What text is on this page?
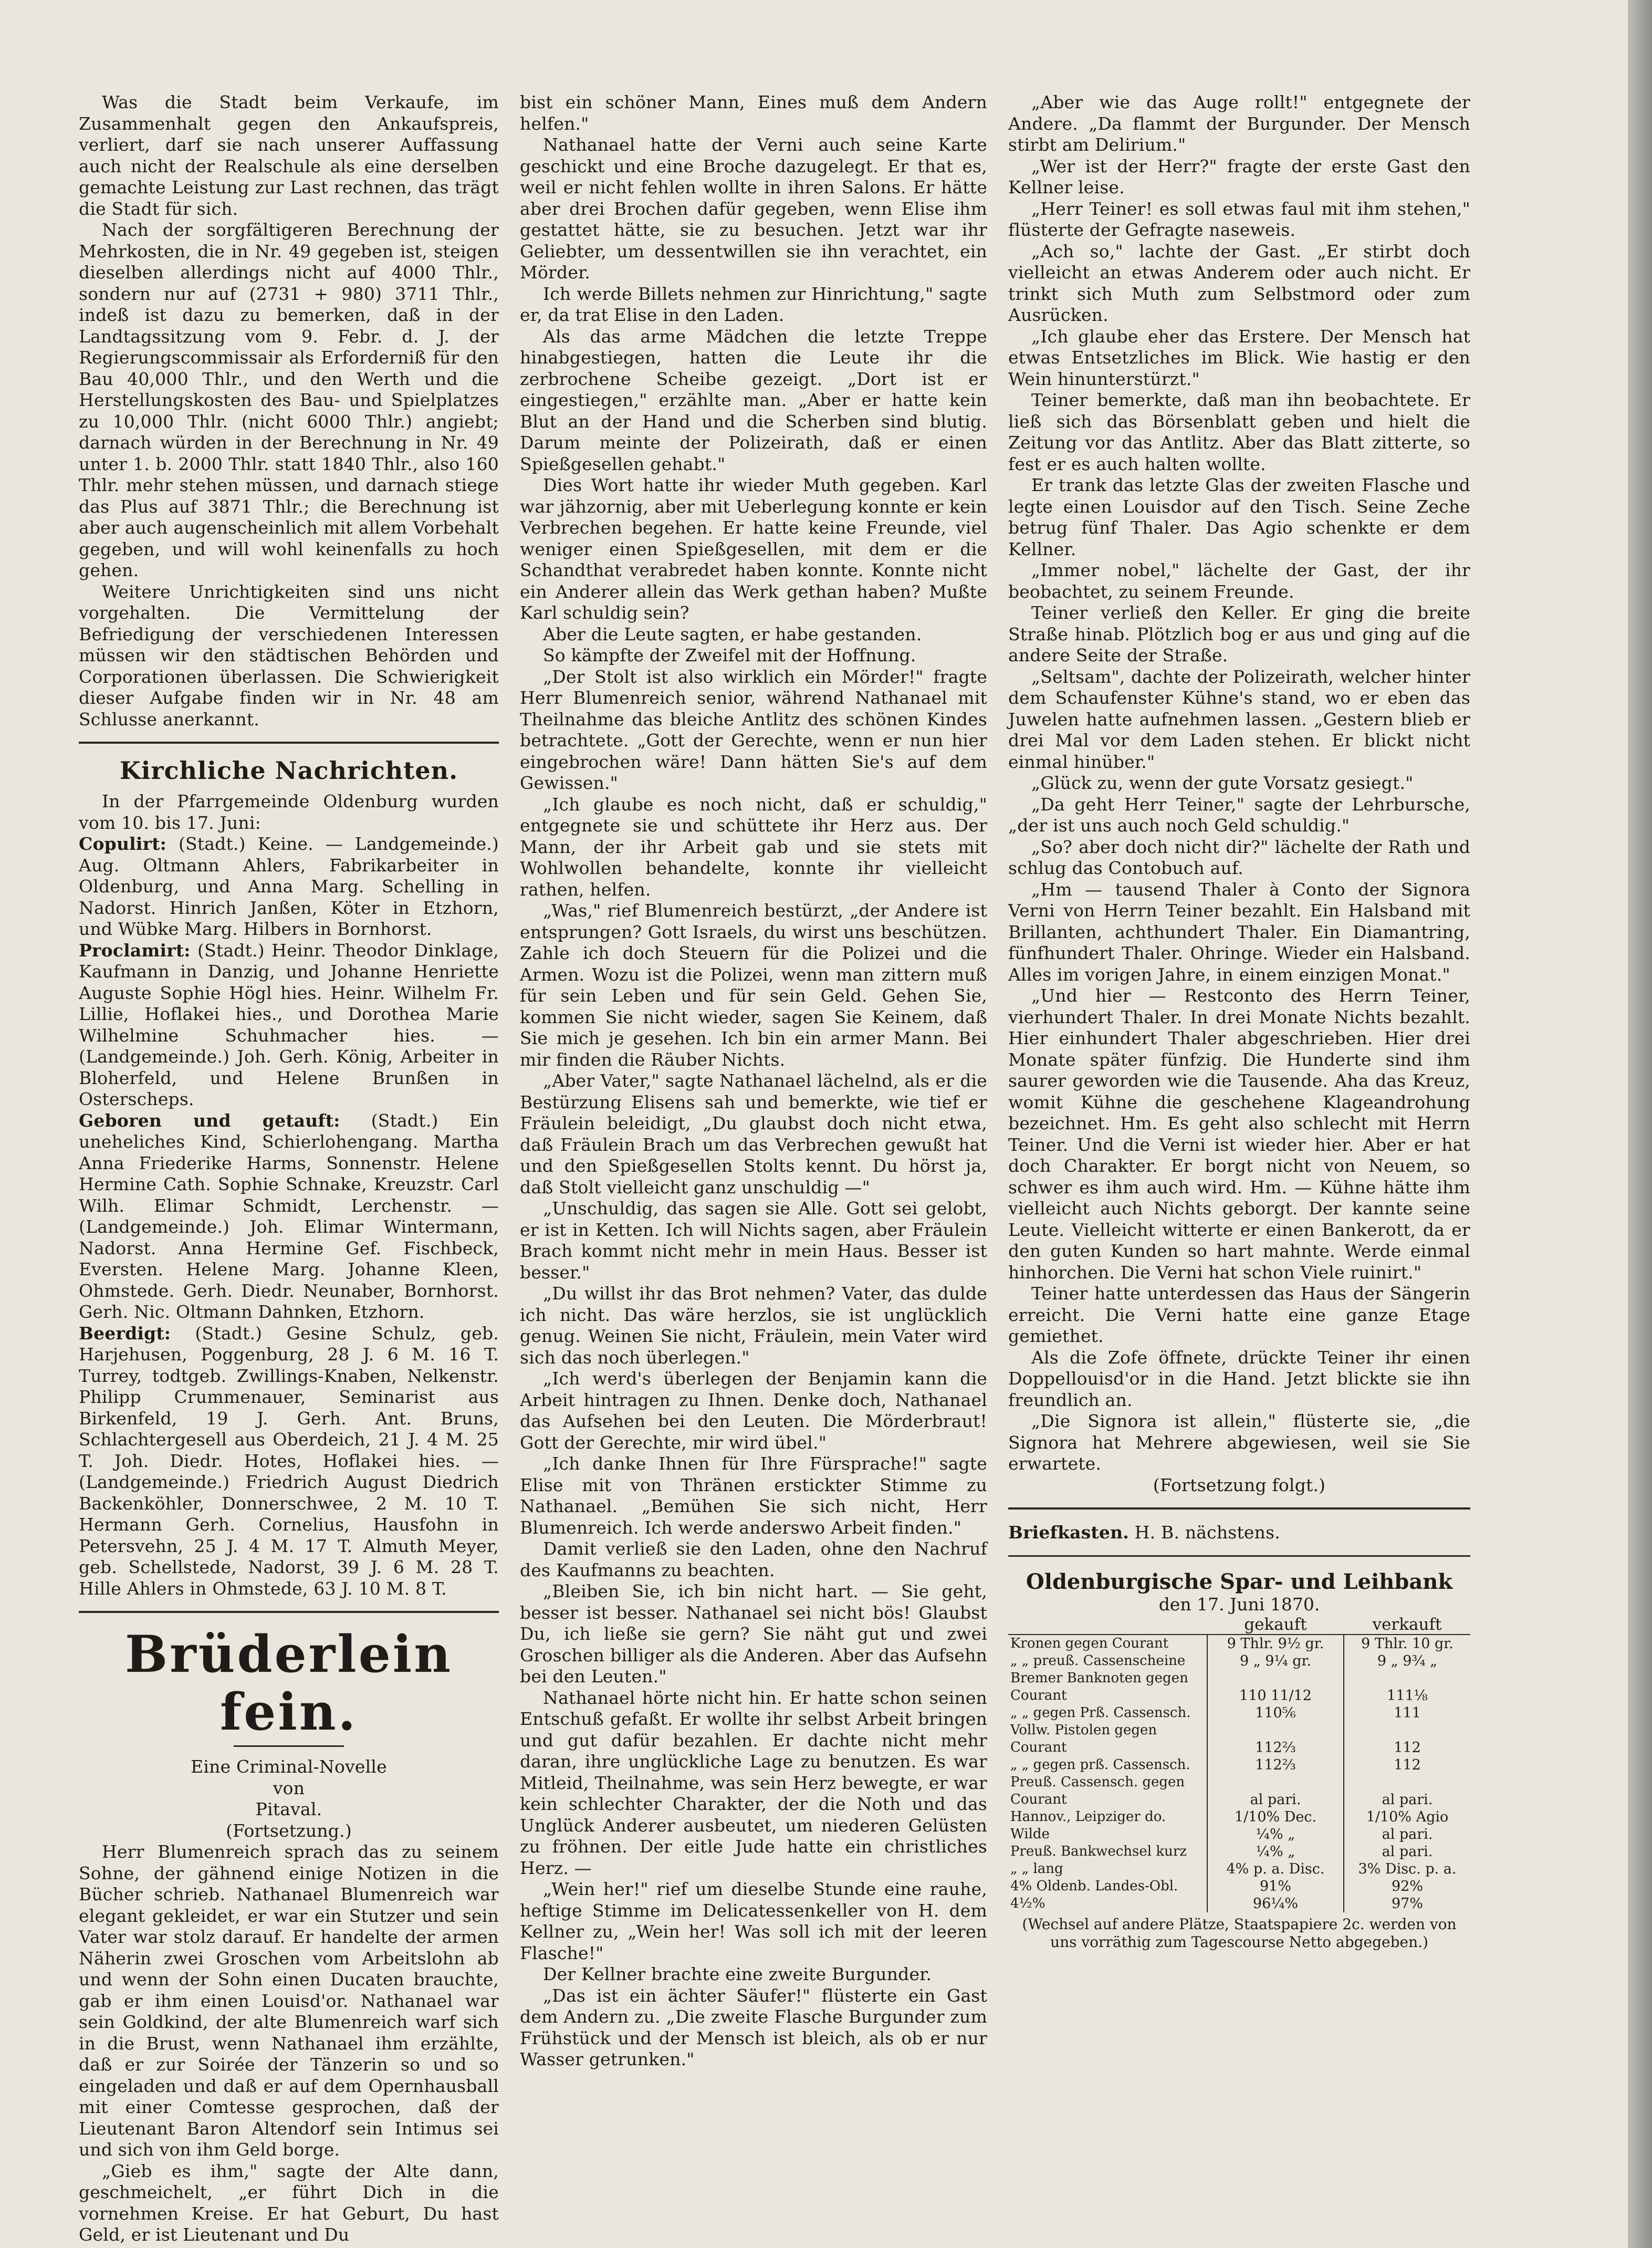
Was die Stadt beim Verkaufe, im Zusammenhalt gegen den Ankaufspreis, verliert, darf sie nach unserer Auffassung auch nicht der Realschule als eine derselben gemachte Leistung zur Last rechnen, das trägt die Stadt für sich.

Nach der sorgfältigeren Berechnung der Mehrkosten, die in Nr. 49 gegeben ist, steigen dieselben allerdings nicht auf 4000 Thlr., sondern nur auf (2731 + 980) 3711 Thlr., indeß ist dazu zu bemerken, daß in der Landtagssitzung vom 9. Febr. d. J. der Regierungscommissair als Erforderniß für den Bau 40,000 Thlr., und den Werth und die Herstellungskosten des Bau- und Spielplatzes zu 10,000 Thlr. (nicht 6000 Thlr.) angiebt; darnach würden in der Berechnung in Nr. 49 unter 1. b. 2000 Thlr. statt 1840 Thlr., also 160 Thlr. mehr stehen müssen, und darnach stiege das Plus auf 3871 Thlr.; die Berechnung ist aber auch augenscheinlich mit allem Vorbehalt gegeben, und will wohl keinenfalls zu hoch gehen.

Weitere Unrichtigkeiten sind uns nicht vorgehalten. Die Vermittelung der Befriedigung der verschiedenen Interessen müssen wir den städtischen Behörden und Corporationen überlassen. Die Schwierigkeit dieser Aufgabe finden wir in Nr. 48 am Schlusse anerkannt.

Kirchliche Nachrichten.

In der Pfarrgemeinde Oldenburg wurden vom 10. bis 17. Juni:

Copulirt: (Stadt.) Keine. — Landgemeinde.) Aug. Oltmann Ahlers, Fabrikarbeiter in Oldenburg, und Anna Marg. Schelling in Nadorst. Hinrich Janßen, Köter in Etzhorn, und Wübke Marg. Hilbers in Bornhorst.

Proclamirt: (Stadt.) Heinr. Theodor Dinklage, Kaufmann in Danzig, und Johanne Henriette Auguste Sophie Högl hies. Heinr. Wilhelm Fr. Lillie, Hoflakei hies., und Dorothea Marie Wilhelmine Schuhmacher hies. — (Landgemeinde.) Joh. Gerh. König, Arbeiter in Bloherfeld, und Helene Brunßen in Osterscheps.

Geboren und getauft: (Stadt.) Ein uneheliches Kind, Schierlohengang. Martha Anna Friederike Harms, Sonnenstr. Helene Hermine Cath. Sophie Schnake, Kreuzstr. Carl Wilh. Elimar Schmidt, Lerchenstr. — (Landgemeinde.) Joh. Elimar Wintermann, Nadorst. Anna Hermine Gef. Fischbeck, Eversten. Helene Marg. Johanne Kleen, Ohmstede. Gerh. Diedr. Neunaber, Bornhorst. Gerh. Nic. Oltmann Dahnken, Etzhorn.

Beerdigt: (Stadt.) Gesine Schulz, geb. Harjehusen, Poggenburg, 28 J. 6 M. 16 T. Turrey, todtgeb. Zwillings-Knaben, Nelkenstr. Philipp Crummenauer, Seminarist aus Birkenfeld, 19 J. Gerh. Ant. Bruns, Schlachtergesell aus Oberdeich, 21 J. 4 M. 25 T. Joh. Diedr. Hotes, Hoflakei hies. — (Landgemeinde.) Friedrich August Diedrich Backenköhler, Donnerschwee, 2 M. 10 T. Hermann Gerh. Cornelius, Hausfohn in Petersvehn, 25 J. 4 M. 17 T. Almuth Meyer, geb. Schellstede, Nadorst, 39 J. 6 M. 28 T. Hille Ahlers in Ohmstede, 63 J. 10 M. 8 T.

Brüderlein fein.

Eine Criminal-Novelle

von

Pitaval.

(Fortsetzung.)

Herr Blumenreich sprach das zu seinem Sohne, der gähnend einige Notizen in die Bücher schrieb. Nathanael Blumenreich war elegant gekleidet, er war ein Stutzer und sein Vater war stolz darauf. Er handelte der armen Näherin zwei Groschen vom Arbeitslohn ab und wenn der Sohn einen Ducaten brauchte, gab er ihm einen Louisd'or. Nathanael war sein Goldkind, der alte Blumenreich warf sich in die Brust, wenn Nathanael ihm erzählte, daß er zur Soirée der Tänzerin so und so eingeladen und daß er auf dem Opernhausball mit einer Comtesse gesprochen, daß der Lieutenant Baron Altendorf sein Intimus sei und sich von ihm Geld borge.

„Gieb es ihm," sagte der Alte dann, geschmeichelt, „er führt Dich in die vornehmen Kreise. Er hat Geburt, Du hast Geld, er ist Lieutenant und Du

bist ein schöner Mann, Eines muß dem Andern helfen."

Nathanael hatte der Verni auch seine Karte geschickt und eine Broche dazugelegt. Er that es, weil er nicht fehlen wollte in ihren Salons. Er hätte aber drei Brochen dafür gegeben, wenn Elise ihm gestattet hätte, sie zu besuchen. Jetzt war ihr Geliebter, um dessentwillen sie ihn verachtet, ein Mörder.

Ich werde Billets nehmen zur Hinrichtung," sagte er, da trat Elise in den Laden.

Als das arme Mädchen die letzte Treppe hinabgestiegen, hatten die Leute ihr die zerbrochene Scheibe gezeigt. „Dort ist er eingestiegen," erzählte man. „Aber er hatte kein Blut an der Hand und die Scherben sind blutig. Darum meinte der Polizeirath, daß er einen Spießgesellen gehabt."

Dies Wort hatte ihr wieder Muth gegeben. Karl war jähzornig, aber mit Ueberlegung konnte er kein Verbrechen begehen. Er hatte keine Freunde, viel weniger einen Spießgesellen, mit dem er die Schandthat verabredet haben konnte. Konnte nicht ein Anderer allein das Werk gethan haben? Mußte Karl schuldig sein?

Aber die Leute sagten, er habe gestanden.

So kämpfte der Zweifel mit der Hoffnung.

„Der Stolt ist also wirklich ein Mörder!" fragte Herr Blumenreich senior, während Nathanael mit Theilnahme das bleiche Antlitz des schönen Kindes betrachtete. „Gott der Gerechte, wenn er nun hier eingebrochen wäre! Dann hätten Sie's auf dem Gewissen."

„Ich glaube es noch nicht, daß er schuldig," entgegnete sie und schüttete ihr Herz aus. Der Mann, der ihr Arbeit gab und sie stets mit Wohlwollen behandelte, konnte ihr vielleicht rathen, helfen.

„Was," rief Blumenreich bestürzt, „der Andere ist entsprungen? Gott Israels, du wirst uns beschützen. Zahle ich doch Steuern für die Polizei und die Armen. Wozu ist die Polizei, wenn man zittern muß für sein Leben und für sein Geld. Gehen Sie, kommen Sie nicht wieder, sagen Sie Keinem, daß Sie mich je gesehen. Ich bin ein armer Mann. Bei mir finden die Räuber Nichts.

„Aber Vater," sagte Nathanael lächelnd, als er die Bestürzung Elisens sah und bemerkte, wie tief er Fräulein beleidigt, „Du glaubst doch nicht etwa, daß Fräulein Brach um das Verbrechen gewußt hat und den Spießgesellen Stolts kennt. Du hörst ja, daß Stolt vielleicht ganz unschuldig —"

„Unschuldig, das sagen sie Alle. Gott sei gelobt, er ist in Ketten. Ich will Nichts sagen, aber Fräulein Brach kommt nicht mehr in mein Haus. Besser ist besser."

„Du willst ihr das Brot nehmen? Vater, das dulde ich nicht. Das wäre herzlos, sie ist unglücklich genug. Weinen Sie nicht, Fräulein, mein Vater wird sich das noch überlegen."

„Ich werd's überlegen der Benjamin kann die Arbeit hintragen zu Ihnen. Denke doch, Nathanael das Aufsehen bei den Leuten. Die Mörderbraut! Gott der Gerechte, mir wird übel."

„Ich danke Ihnen für Ihre Fürsprache!" sagte Elise mit von Thränen erstickter Stimme zu Nathanael. „Bemühen Sie sich nicht, Herr Blumenreich. Ich werde anderswo Arbeit finden."

Damit verließ sie den Laden, ohne den Nachruf des Kaufmanns zu beachten.

„Bleiben Sie, ich bin nicht hart. — Sie geht, besser ist besser. Nathanael sei nicht bös! Glaubst Du, ich ließe sie gern? Sie näht gut und zwei Groschen billiger als die Anderen. Aber das Aufsehn bei den Leuten."

Nathanael hörte nicht hin. Er hatte schon seinen Entschuß gefaßt. Er wollte ihr selbst Arbeit bringen und gut dafür bezahlen. Er dachte nicht mehr daran, ihre unglückliche Lage zu benutzen. Es war Mitleid, Theilnahme, was sein Herz bewegte, er war kein schlechter Charakter, der die Noth und das Unglück Anderer ausbeutet, um niederen Gelüsten zu fröhnen. Der eitle Jude hatte ein christliches Herz. —

„Wein her!" rief um dieselbe Stunde eine rauhe, heftige Stimme im Delicatessenkeller von H. dem Kellner zu, „Wein her! Was soll ich mit der leeren Flasche!"

Der Kellner brachte eine zweite Burgunder.

„Das ist ein ächter Säufer!" flüsterte ein Gast dem Andern zu. „Die zweite Flasche Burgunder zum Frühstück und der Mensch ist bleich, als ob er nur Wasser getrunken."

„Aber wie das Auge rollt!" entgegnete der Andere. „Da flammt der Burgunder. Der Mensch stirbt am Delirium."

„Wer ist der Herr?" fragte der erste Gast den Kellner leise.

„Herr Teiner! es soll etwas faul mit ihm stehen," flüsterte der Gefragte naseweis.

„Ach so," lachte der Gast. „Er stirbt doch vielleicht an etwas Anderem oder auch nicht. Er trinkt sich Muth zum Selbstmord oder zum Ausrücken.

„Ich glaube eher das Erstere. Der Mensch hat etwas Entsetzliches im Blick. Wie hastig er den Wein hinunterstürzt."

Teiner bemerkte, daß man ihn beobachtete. Er ließ sich das Börsenblatt geben und hielt die Zeitung vor das Antlitz. Aber das Blatt zitterte, so fest er es auch halten wollte.

Er trank das letzte Glas der zweiten Flasche und legte einen Louisdor auf den Tisch. Seine Zeche betrug fünf Thaler. Das Agio schenkte er dem Kellner.

„Immer nobel," lächelte der Gast, der ihr beobachtet, zu seinem Freunde.

Teiner verließ den Keller. Er ging die breite Straße hinab. Plötzlich bog er aus und ging auf die andere Seite der Straße.

„Seltsam", dachte der Polizeirath, welcher hinter dem Schaufenster Kühne's stand, wo er eben das Juwelen hatte aufnehmen lassen. „Gestern blieb er drei Mal vor dem Laden stehen. Er blickt nicht einmal hinüber."

„Glück zu, wenn der gute Vorsatz gesiegt."

„Da geht Herr Teiner," sagte der Lehrbursche, „der ist uns auch noch Geld schuldig."

„So? aber doch nicht dir?" lächelte der Rath und schlug das Contobuch auf.

„Hm — tausend Thaler à Conto der Signora Verni von Herrn Teiner bezahlt. Ein Halsband mit Brillanten, achthundert Thaler. Ein Diamantring, fünfhundert Thaler. Ohringe. Wieder ein Halsband. Alles im vorigen Jahre, in einem einzigen Monat."

„Und hier — Restconto des Herrn Teiner, vierhundert Thaler. In drei Monate Nichts bezahlt. Hier einhundert Thaler abgeschrieben. Hier drei Monate später fünfzig. Die Hunderte sind ihm saurer geworden wie die Tausende. Aha das Kreuz, womit Kühne die geschehene Klageandrohung bezeichnet. Hm. Es geht also schlecht mit Herrn Teiner. Und die Verni ist wieder hier. Aber er hat doch Charakter. Er borgt nicht von Neuem, so schwer es ihm auch wird. Hm. — Kühne hätte ihm vielleicht auch Nichts geborgt. Der kannte seine Leute. Vielleicht witterte er einen Bankerott, da er den guten Kunden so hart mahnte. Werde einmal hinhorchen. Die Verni hat schon Viele ruinirt."

Teiner hatte unterdessen das Haus der Sängerin erreicht. Die Verni hatte eine ganze Etage gemiethet.

Als die Zofe öffnete, drückte Teiner ihr einen Doppellouisd'or in die Hand. Jetzt blickte sie ihn freundlich an.

„Die Signora ist allein," flüsterte sie, „die Signora hat Mehrere abgewiesen, weil sie Sie erwartete.

(Fortsetzung folgt.)

Briefkasten. H. B. nächstens.

Oldenburgische Spar- und Leihbank
den 17. Juni 1870.
	gekauft	verkauft
Kronen gegen Courant	9 Thlr. 9½ gr.	9 Thlr. 10 gr.
„ „ preuß. Cassenscheine	9 „ 9¼ gr.	9 „ 9¾ „
Bremer Banknoten gegen Courant	110 11/12	111⅛
„ „ gegen Prß. Cassensch.	110⅚	111
Vollw. Pistolen gegen Courant	112⅔	112
„ „ gegen prß. Cassensch.	112⅔	112
Preuß. Cassensch. gegen Courant	al pari.	al pari.
Hannov., Leipziger do.	1/10% Dec.	1/10% Agio
Wilde	¼% „	al pari.
Preuß. Bankwechsel kurz	¼% „	al pari.
„ „ lang	4% p. a. Disc.	3% Disc. p. a.
4% Oldenb. Landes-Obl.	91%	92%
4½%	96¼%	97%
(Wechsel auf andere Plätze, Staatspapiere 2c. werden von uns vorräthig zum Tagescourse Netto abgegeben.)
